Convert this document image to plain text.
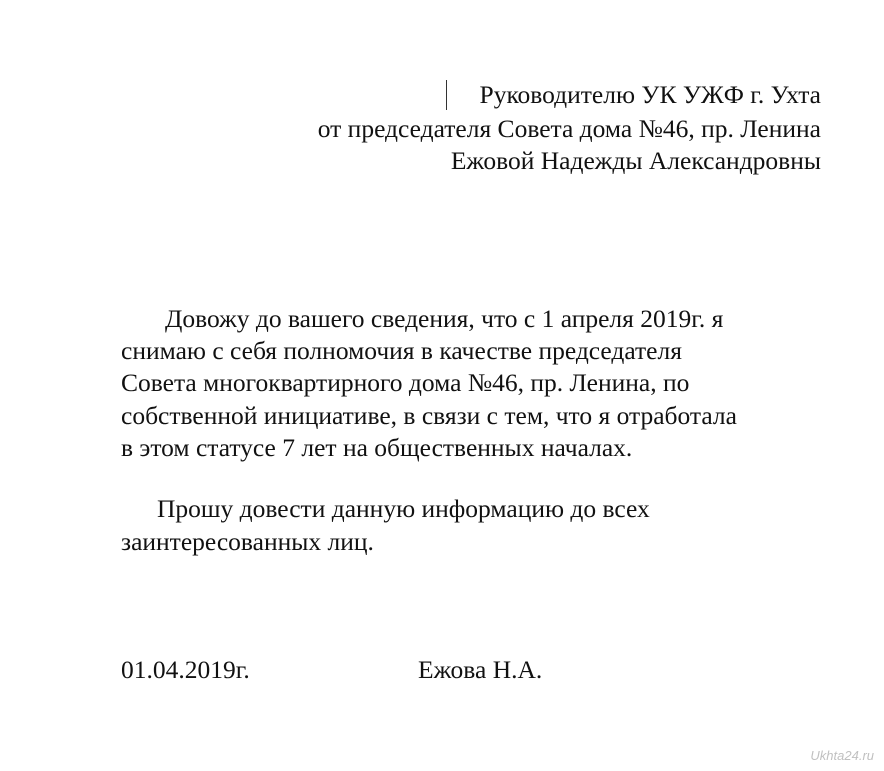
Руководителю УК УЖФ г. Ухта

от председателя Совета дома №46, пр. Ленина

Ежовой Надежды Александровны

Довожу до вашего сведения, что с 1 апреля 2019г. я

снимаю с себя полномочия в качестве председателя

Совета многоквартирного дома №46, пр. Ленина, по

собственной инициативе, в связи с тем, что я отработала

в этом статусе 7 лет на общественных началах.

Прошу довести данную информацию до всех

заинтересованных лиц.

01.04.2019г.	Ежова Н.А.

Ukhta24.ru
